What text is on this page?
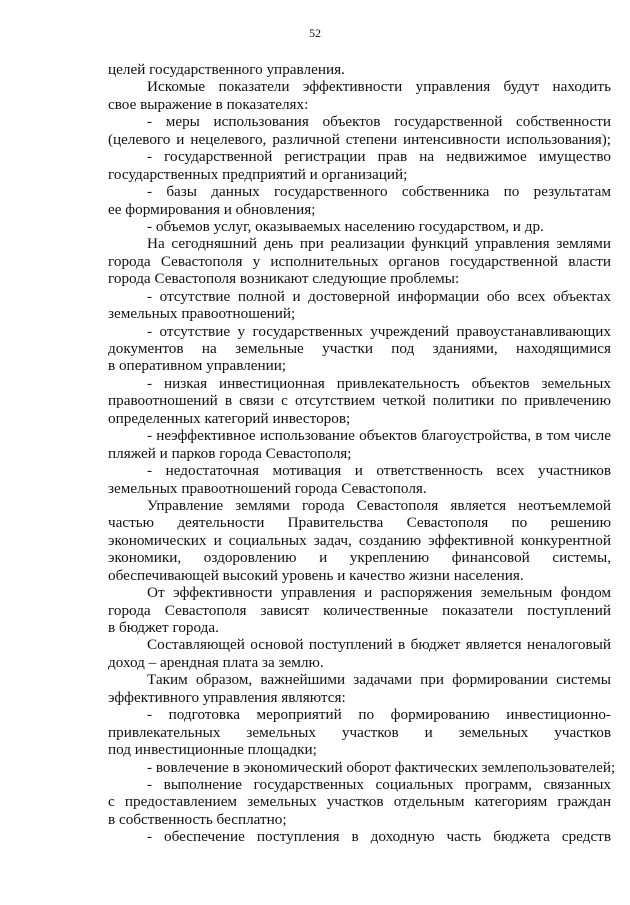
52
целей государственного управления.
Искомые показатели эффективности управления будут находить
свое выражение в показателях:
- меры использования объектов государственной собственности
(целевого и нецелевого, различной степени интенсивности использования);
- государственной регистрации прав на недвижимое имущество
государственных предприятий и организаций;
- базы данных государственного собственника по результатам
ее формирования и обновления;
- объемов услуг, оказываемых населению государством, и др.
На сегодняшний день при реализации функций управления землями
города Севастополя у исполнительных органов государственной власти
города Севастополя возникают следующие проблемы:
- отсутствие полной и достоверной информации обо всех объектах
земельных правоотношений;
- отсутствие у государственных учреждений правоустанавливающих
документов на земельные участки под зданиями, находящимися
в оперативном управлении;
- низкая инвестиционная привлекательность объектов земельных
правоотношений в связи с отсутствием четкой политики по привлечению
определенных категорий инвесторов;
- неэффективное использование объектов благоустройства, в том числе
пляжей и парков города Севастополя;
- недостаточная мотивация и ответственность всех участников
земельных правоотношений города Севастополя.
Управление землями города Севастополя является неотъемлемой
частью деятельности Правительства Севастополя по решению
экономических и социальных задач, созданию эффективной конкурентной
экономики, оздоровлению и укреплению финансовой системы,
обеспечивающей высокий уровень и качество жизни населения.
От эффективности управления и распоряжения земельным фондом
города Севастополя зависят количественные показатели поступлений
в бюджет города.
Составляющей основой поступлений в бюджет является неналоговый
доход – арендная плата за землю.
Таким образом, важнейшими задачами при формировании системы
эффективного управления являются:
- подготовка мероприятий по формированию инвестиционно-
привлекательных земельных участков и земельных участков
под инвестиционные площадки;
- вовлечение в экономический оборот фактических землепользователей;
- выполнение государственных социальных программ, связанных
с предоставлением земельных участков отдельным категориям граждан
в собственность бесплатно;
- обеспечение поступления в доходную часть бюджета средств
